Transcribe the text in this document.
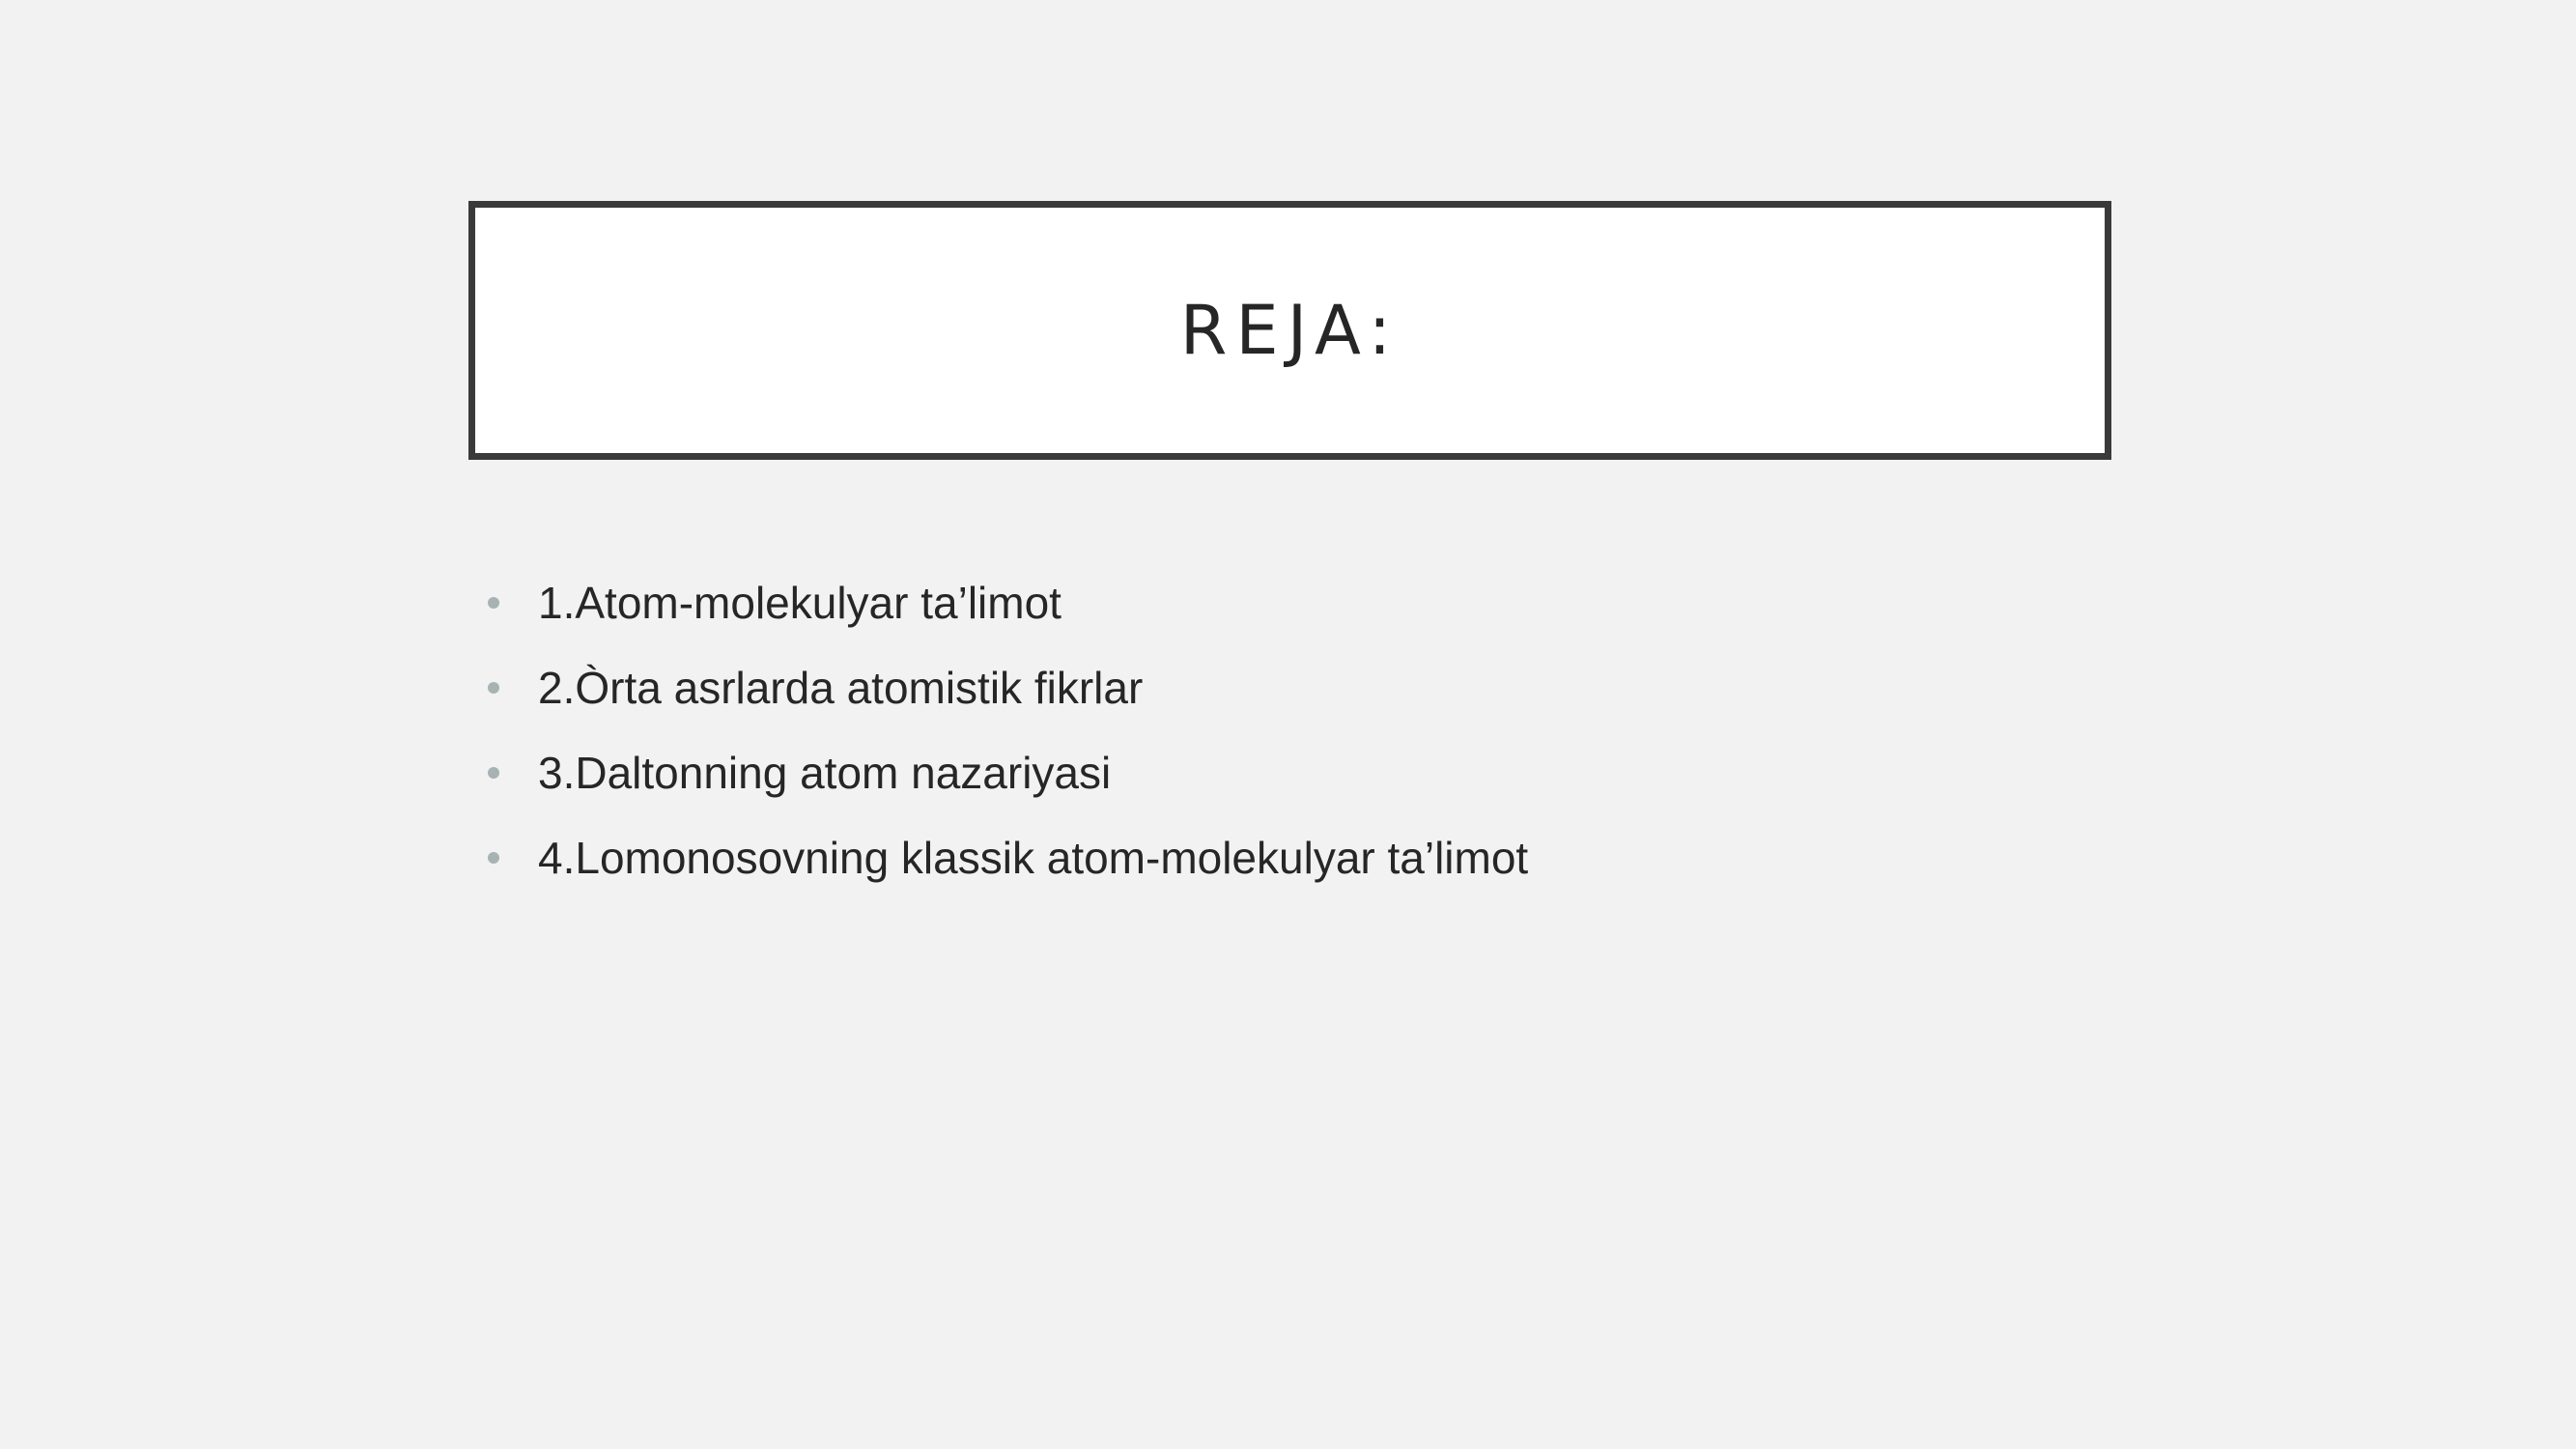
REJA:
1.Atom-molekulyar ta’limot
2.Òrta asrlarda atomistik fikrlar
3.Daltonning atom nazariyasi
4.Lomonosovning klassik atom-molekulyar ta’limot
